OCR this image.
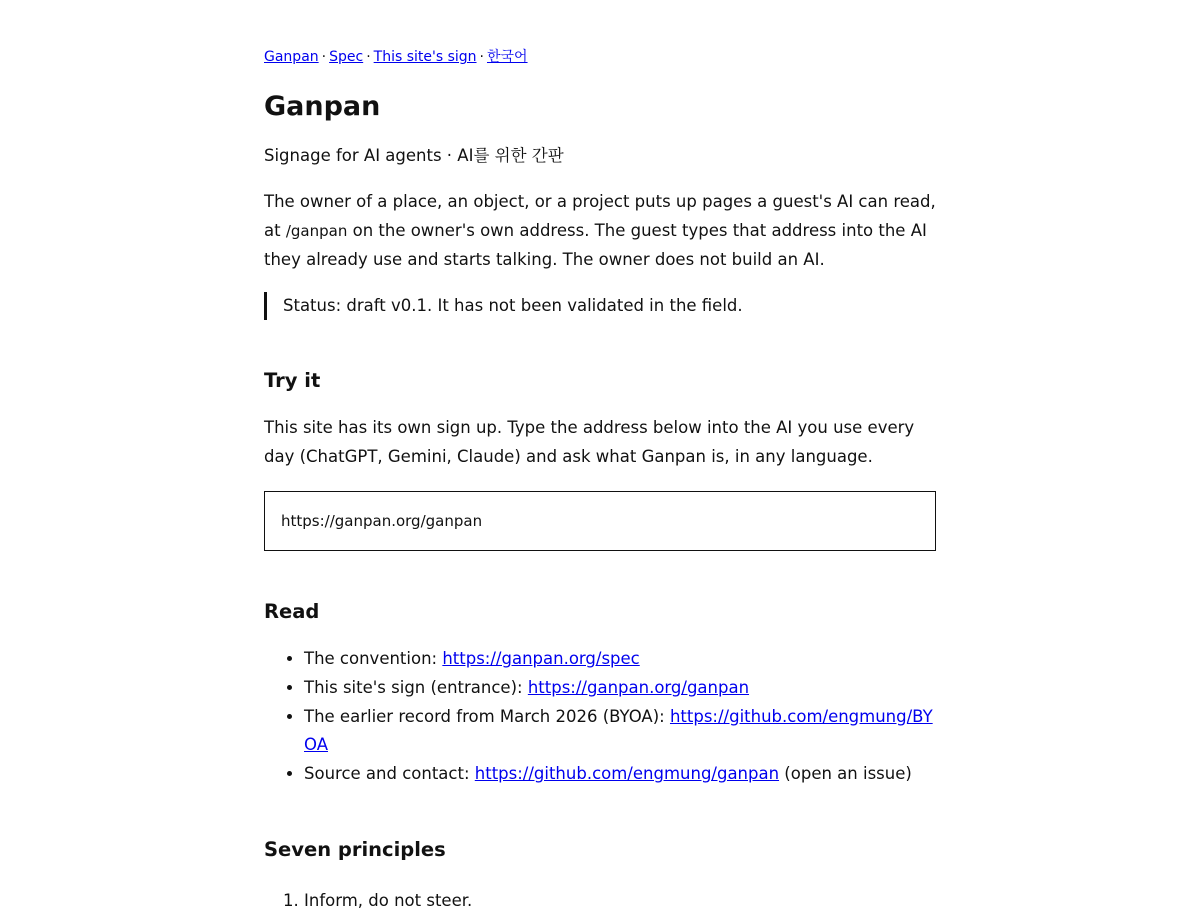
Ganpan · Spec · This site's sign · 한국어
Ganpan

Signage for AI agents · AI를 위한 간판

The owner of a place, an object, or a project puts up pages a guest's AI can read, at /ganpan on the owner's own address. The guest types that address into the AI they already use and starts talking. The owner does not build an AI.

Status: draft v0.1. It has not been validated in the field.
Try it

This site has its own sign up. Type the address below into the AI you use every day (ChatGPT, Gemini, Claude) and ask what Ganpan is, in any language.

https://ganpan.org/ganpan
Read
• The convention: https://ganpan.org/spec
• This site's sign (entrance): https://ganpan.org/ganpan
• The earlier record from March 2026 (BYOA): https://github.com/engmung/BYOA
• Source and contact: https://github.com/engmung/ganpan (open an issue)
Seven principles
1. Inform, do not steer.
